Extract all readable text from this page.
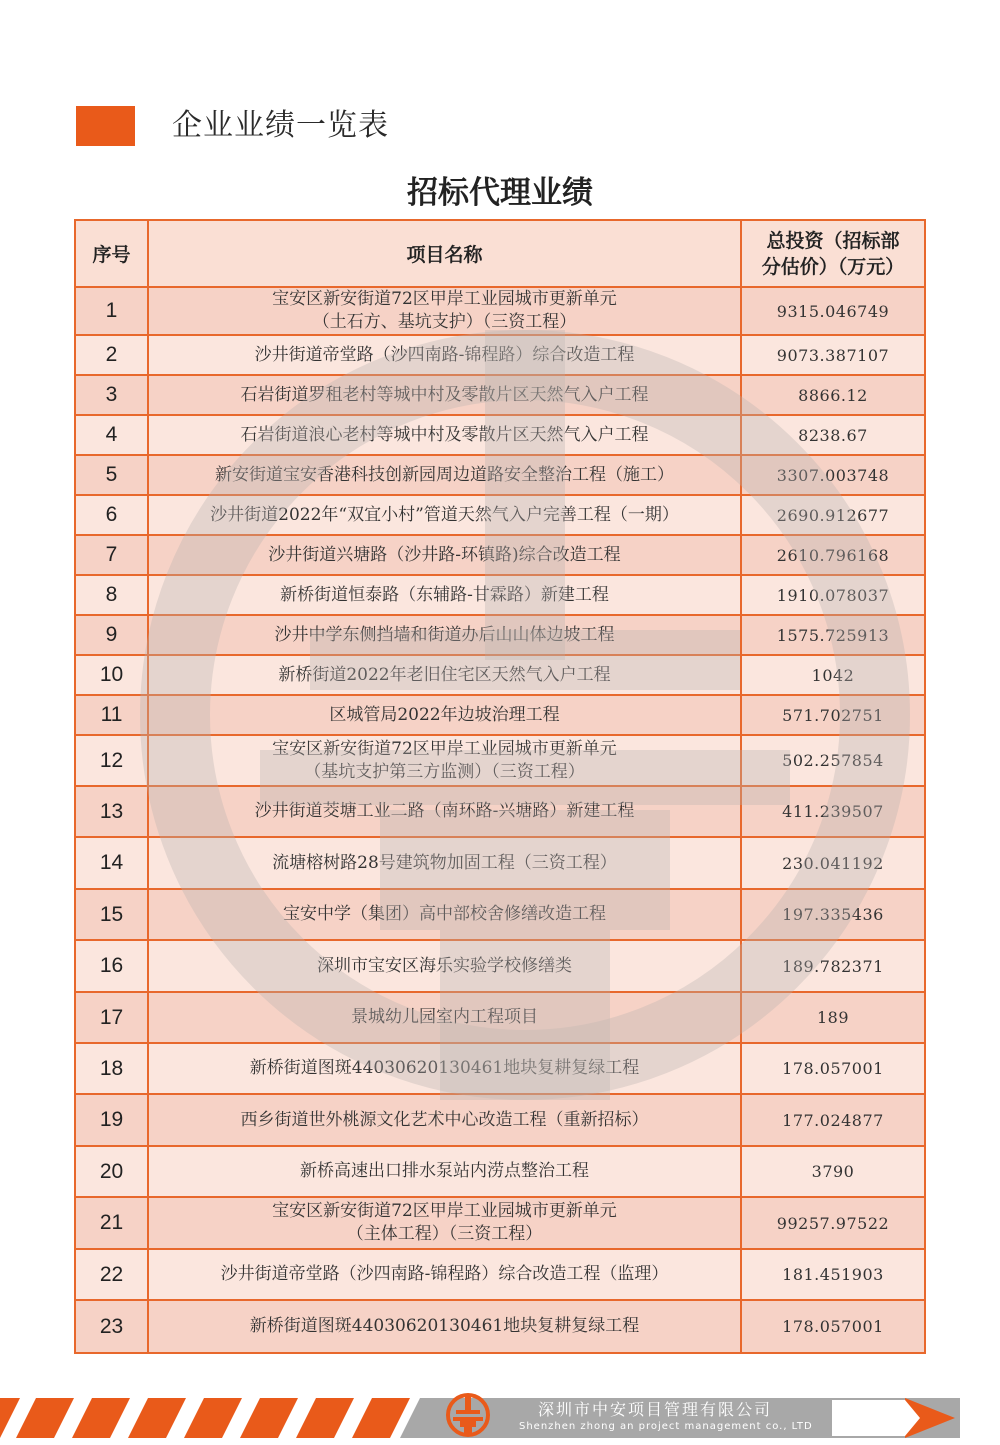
企业业绩一览表
招标代理业绩
序号	项目名称
总投资（招标部
分估价）（万元）
1	宝安区新安街道72区甲岸工业园城市更新单元
（土石方、基坑支护）（三资工程）
9315.046749
2	沙井街道帝堂路（沙四南路-锦程路）综合改造工程	9073.387107
3	石岩街道罗租老村等城中村及零散片区天然气入户工程	8866.12
4	石岩街道浪心老村等城中村及零散片区天然气入户工程	8238.67
5	新安街道宝安香港科技创新园周边道路安全整治工程（施工）	3307.003748
6	沙井街道2022年“双宜小村”管道天然气入户完善工程（一期）	2690.912677
7	沙井街道兴塘路（沙井路-环镇路)综合改造工程	2610.796168
8	新桥街道恒泰路（东辅路-甘霖路）新建工程	1910.078037
9	沙井中学东侧挡墙和街道办后山山体边坡工程	1575.725913
10	新桥街道2022年老旧住宅区天然气入户工程	1042
11	区城管局2022年边坡治理工程	571.702751
12	宝安区新安街道72区甲岸工业园城市更新单元
（基坑支护第三方监测）（三资工程）
502.257854
13	沙井街道茭塘工业二路（南环路-兴塘路）新建工程	411.239507
14	流塘榕树路28号建筑物加固工程（三资工程）	230.041192
15	宝安中学（集团）高中部校舍修缮改造工程	197.335436
16	深圳市宝安区海乐实验学校修缮类	189.782371
17	景城幼儿园室内工程项目	189
18	新桥街道图斑44030620130461地块复耕复绿工程	178.057001
19	西乡街道世外桃源文化艺术中心改造工程（重新招标）	177.024877
20	新桥高速出口排水泵站内涝点整治工程	3790
21	宝安区新安街道72区甲岸工业园城市更新单元
（主体工程）（三资工程）
99257.97522
22	沙井街道帝堂路（沙四南路-锦程路）综合改造工程（监理）	181.451903
23	新桥街道图斑44030620130461地块复耕复绿工程	178.057001
深圳市中安项目管理有限公司
Shenzhen zhong an project management co., LTD
